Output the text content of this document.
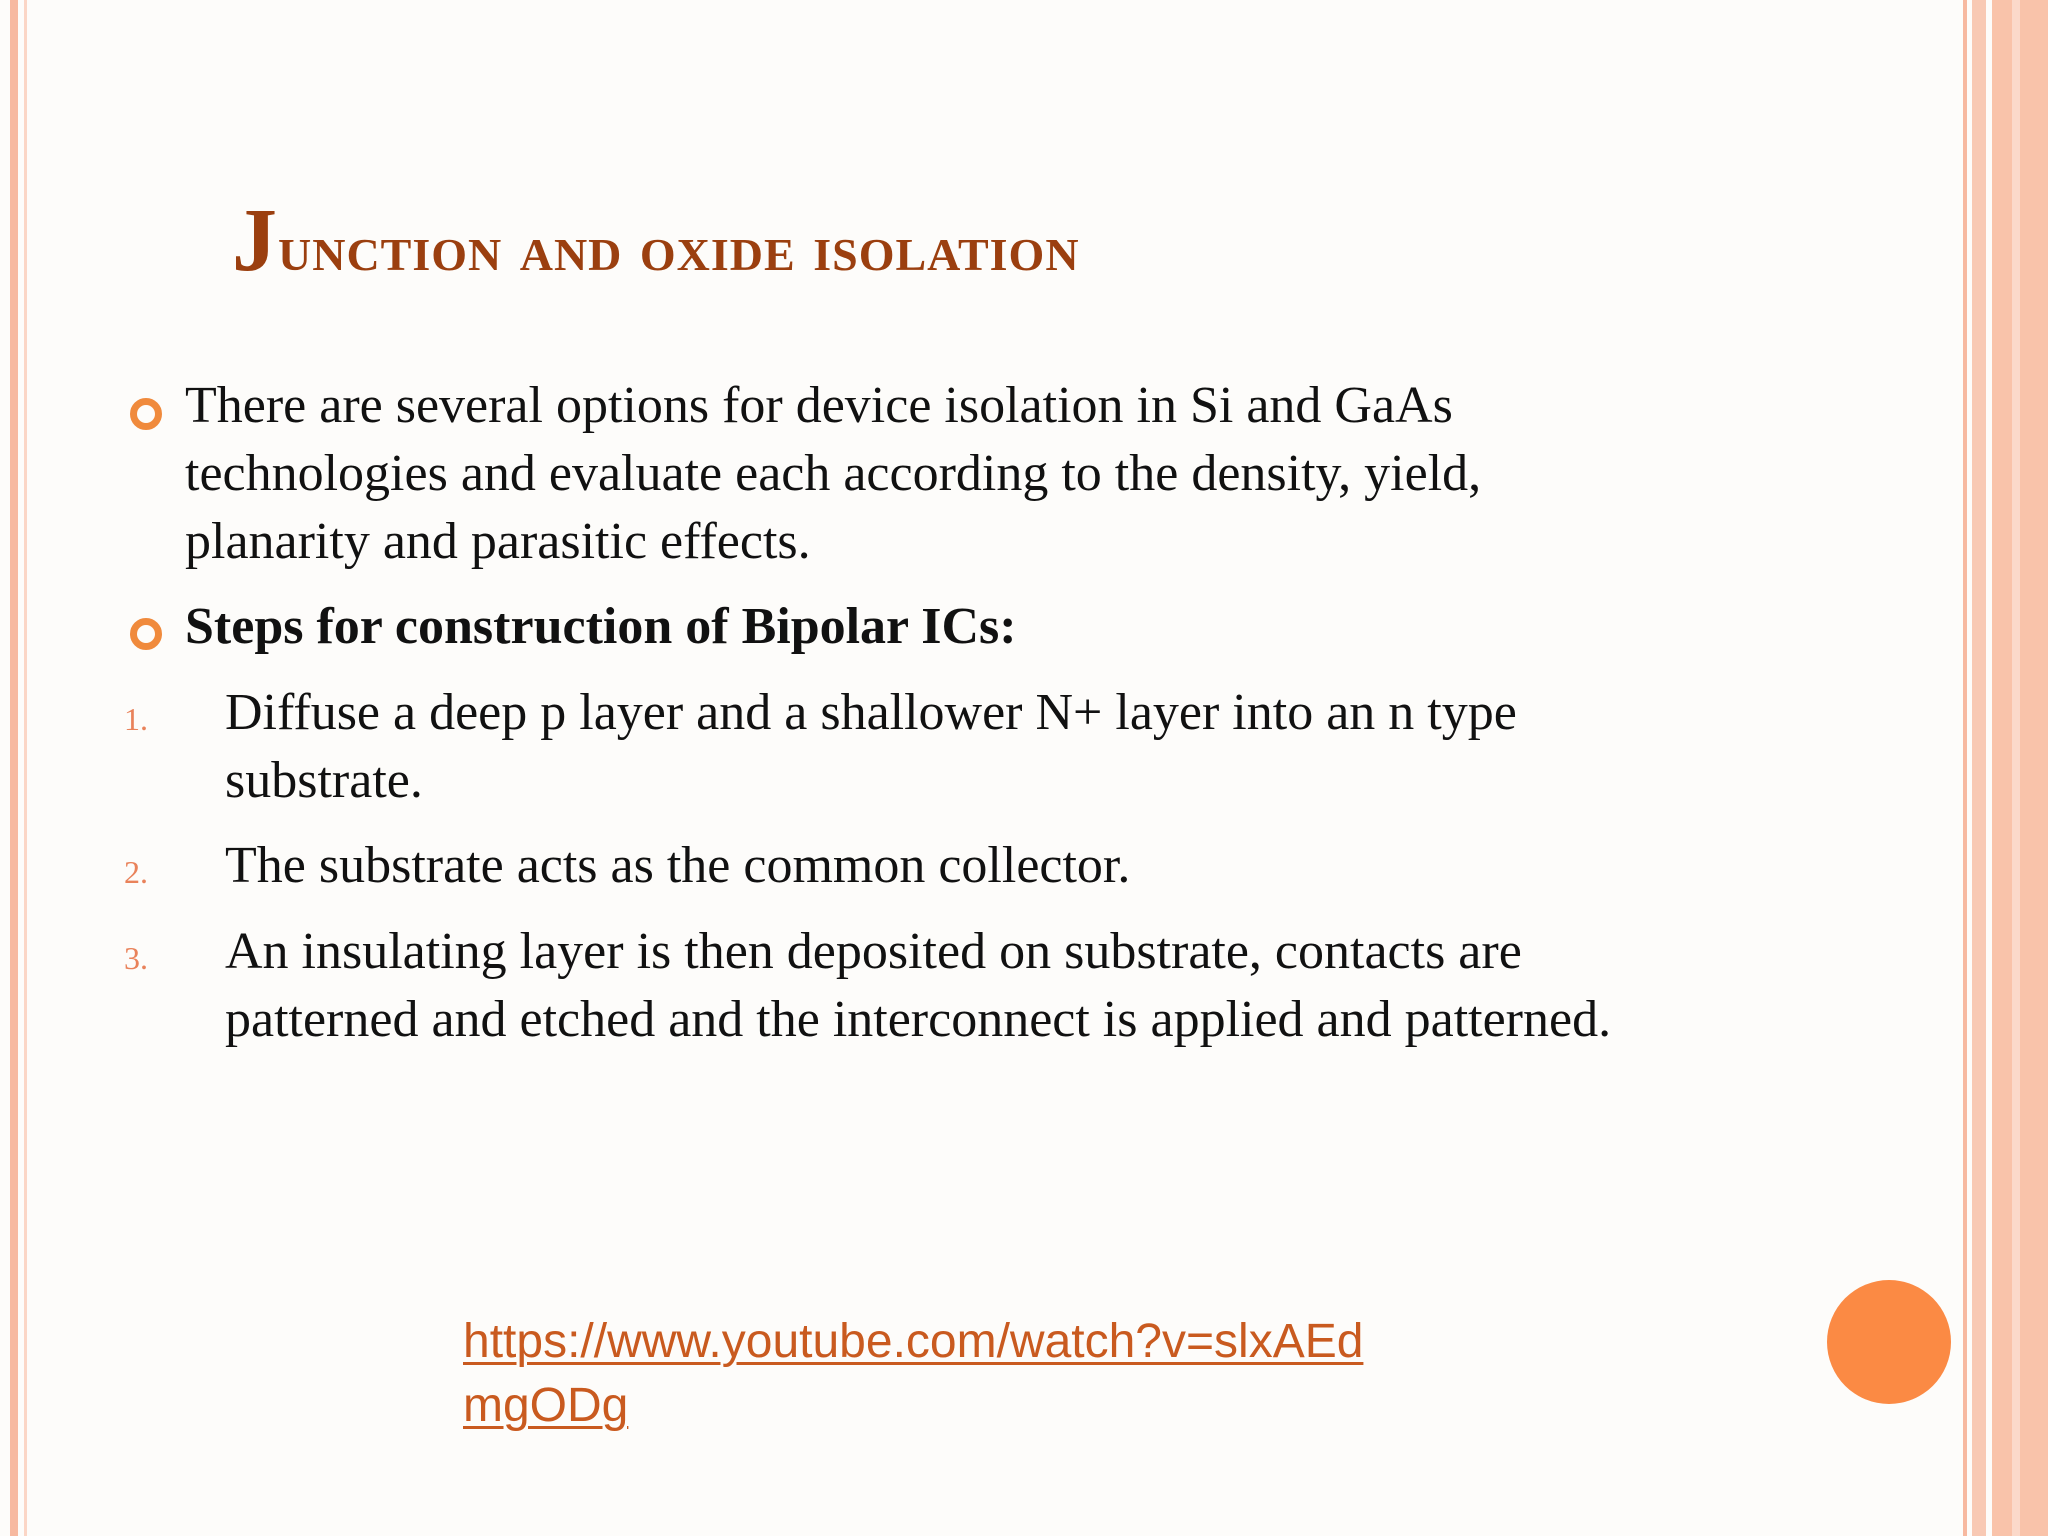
Junction and oxide isolation
There are several options for device isolation in Si and GaAs
technologies and evaluate each according to the density, yield,
planarity and parasitic effects.
Steps for construction of Bipolar ICs:
1. Diffuse a deep p layer and a shallower N+ layer into an n type
substrate.
2. The substrate acts as the common collector.
3. An insulating layer is then deposited on substrate, contacts are
patterned and etched and the interconnect is applied and patterned.
https://www.youtube.com/watch?v=slxAEd
mgODg
